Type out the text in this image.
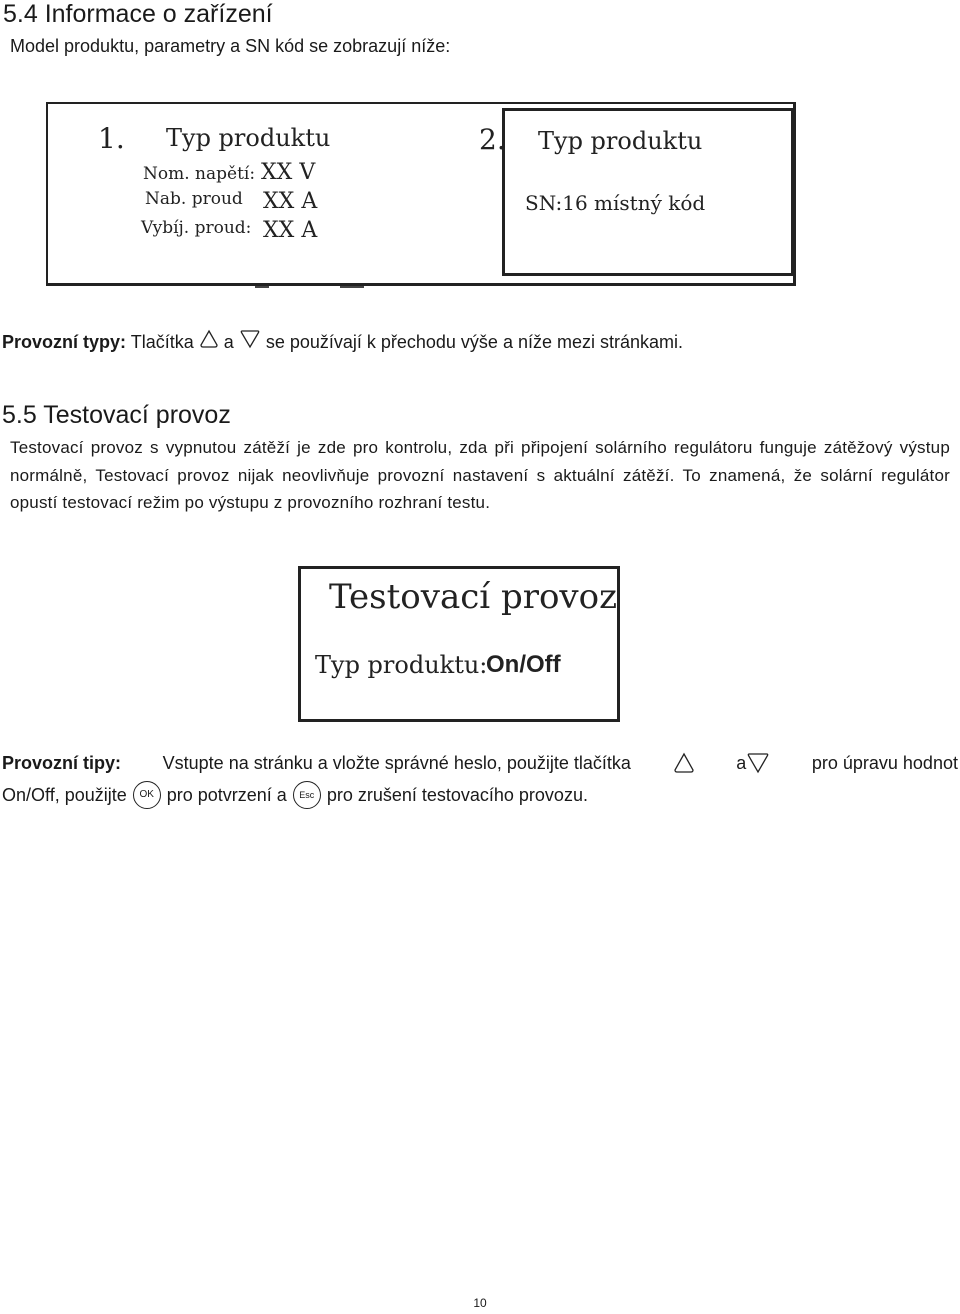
5.4 Informace o zařízení
Model produktu, parametry a SN kód se zobrazují níže:
1. Typ produktu
Nom. napětí: XX V
Nab. proud XX A
Vybíj. proud: XX A
2. Typ produktu
SN:16 místný kód
Provozní typy: Tlačítka a se používají k přechodu výše a níže mezi stránkami.
5.5 Testovací provoz

Testovací provoz s vypnutou zátěží je zde pro kontrolu, zda při připojení solárního regulátoru funguje zátěžový výstup normálně, Testovací provoz nijak neovlivňuje provozní nastavení s aktuální zátěží. To znamená, že solární regulátor opustí testovací režim po výstupu z provozního rozhraní testu.

Testovací provoz
Typ produktu:
On/Off
Provozní tipy: Vstupte na stránku a vložte správné heslo, použijte tlačítka	a	pro úpravu hodnot
On/Off, použijte OK pro potvrzení a Esc pro zrušení testovacího provozu.
10
